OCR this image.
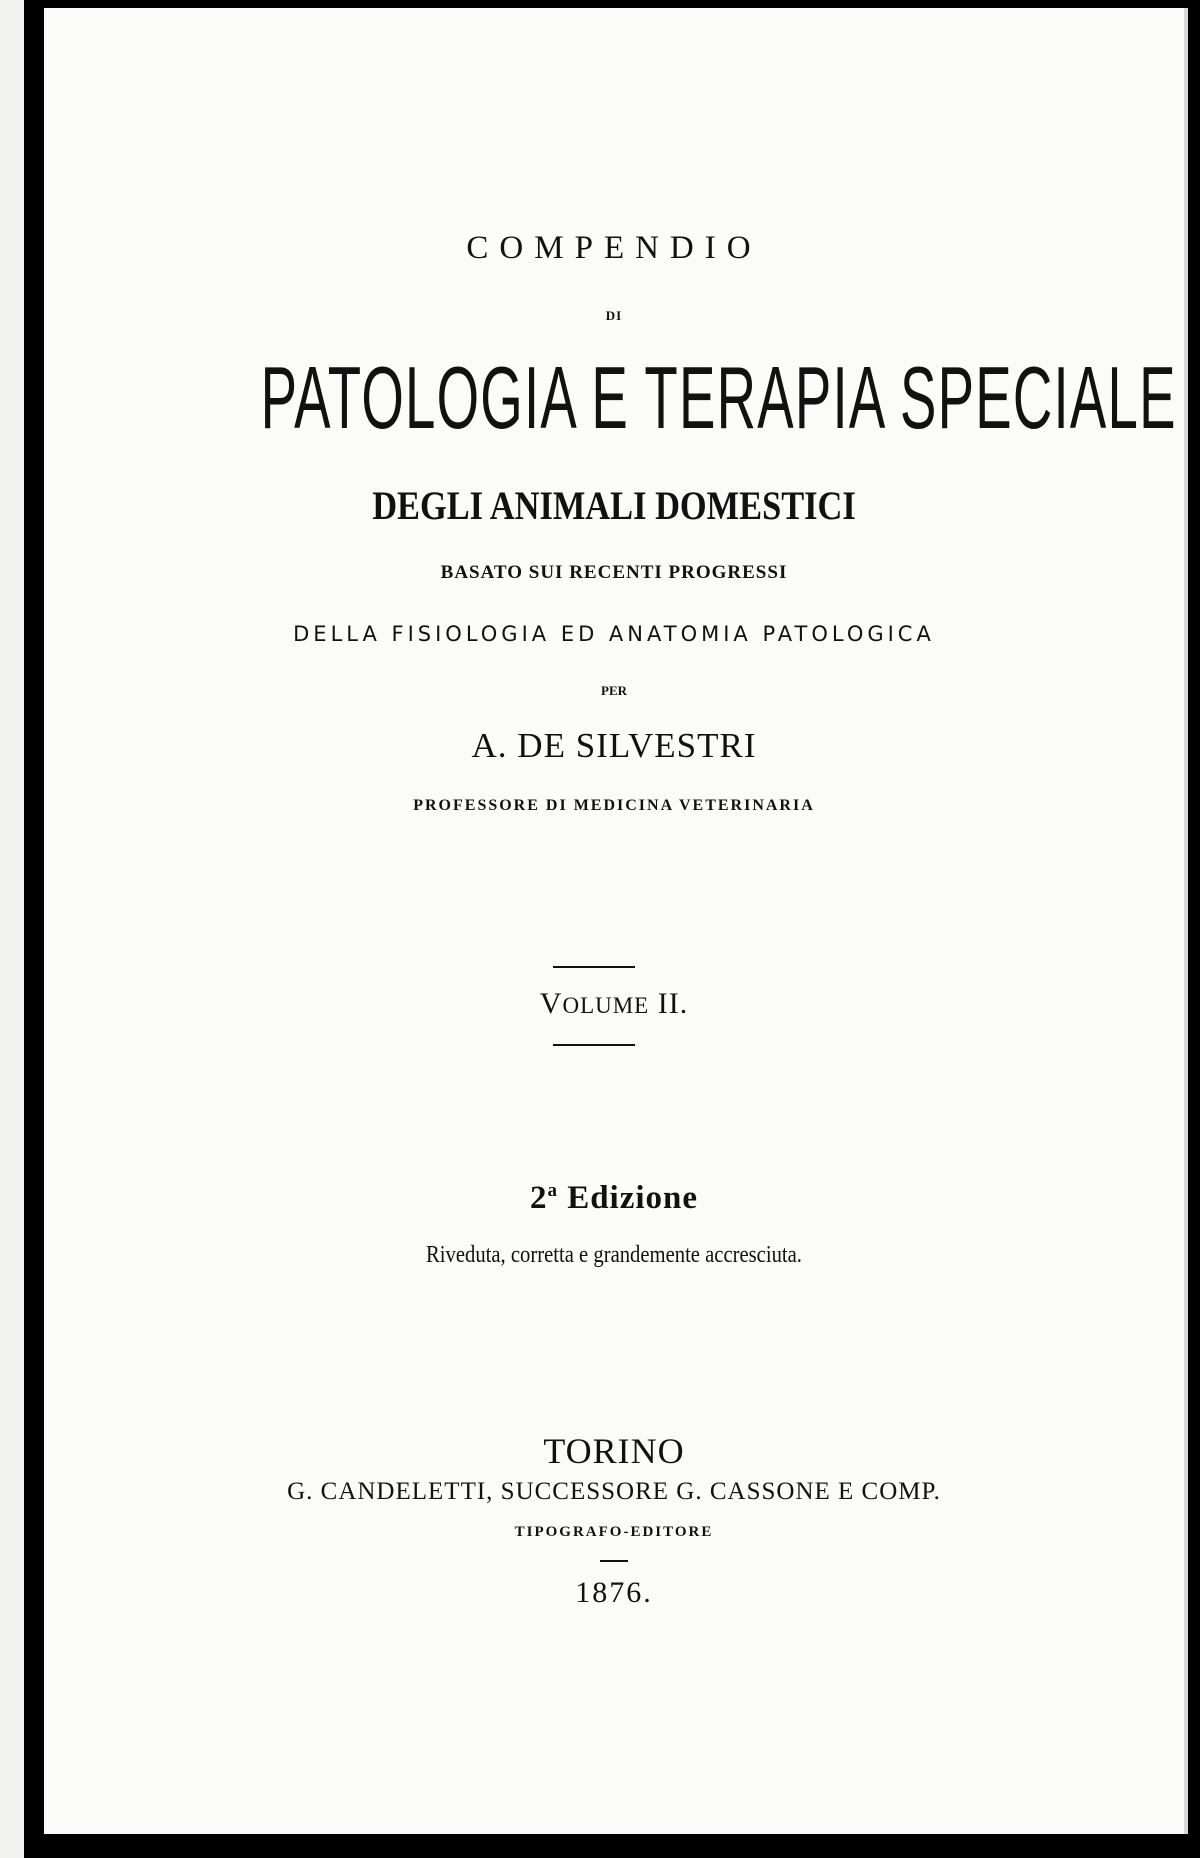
COMPENDIO
DI
PATOLOGIA E TERAPIA SPECIALE
DEGLI ANIMALI DOMESTICI
BASATO SUI RECENTI PROGRESSI
DELLA FISIOLOGIA ED ANATOMIA PATOLOGICA
PER
A. DE SILVESTRI
PROFESSORE DI MEDICINA VETERINARIA
VOLUME II.
2$^a$ Edizione
Riveduta, corretta e grandemente accresciuta.
TORINO
G. CANDELETTI, SUCCESSORE G. CASSONE E COMP.
TIPOGRAFO-EDITORE
1876.
